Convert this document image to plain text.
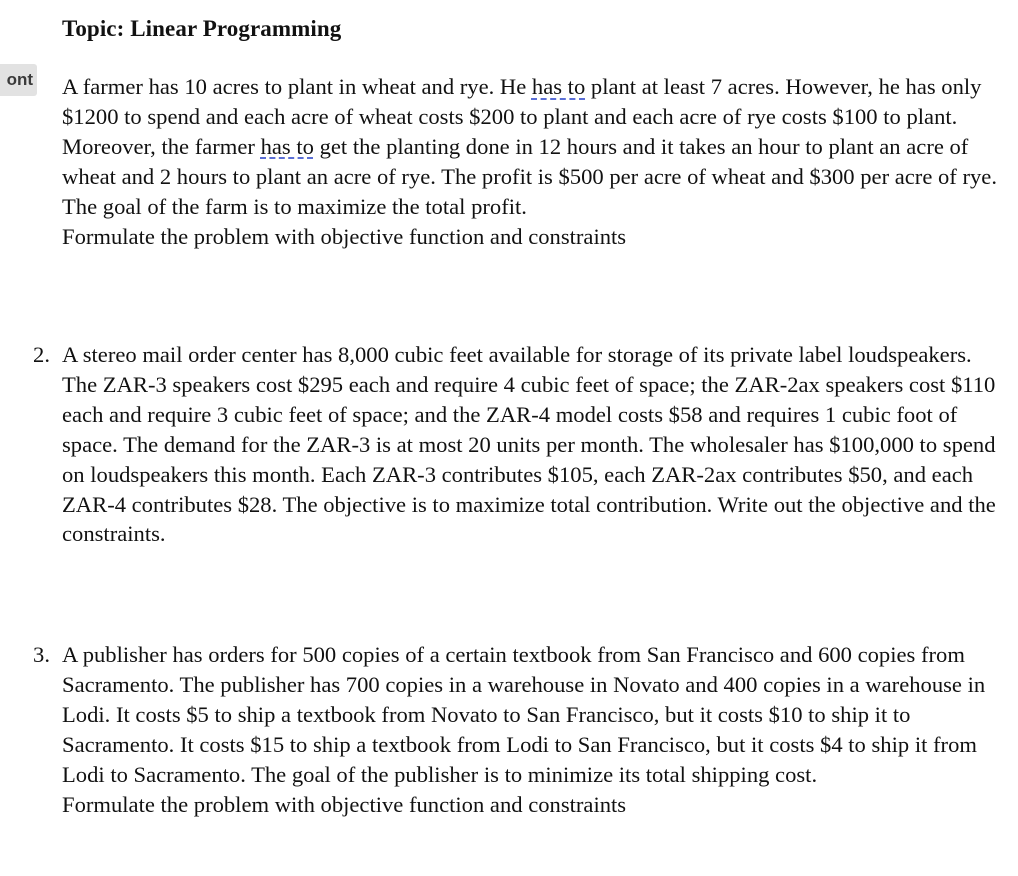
Topic: Linear Programming
ont A farmer has 10 acres to plant in wheat and rye. He has to plant at least 7 acres. However, he has only $1200 to spend and each acre of wheat costs $200 to plant and each acre of rye costs $100 to plant. Moreover, the farmer has to get the planting done in 12 hours and it takes an hour to plant an acre of wheat and 2 hours to plant an acre of rye. The profit is $500 per acre of wheat and $300 per acre of rye. The goal of the farm is to maximize the total profit.

Formulate the problem with objective function and constraints

2. A stereo mail order center has 8,000 cubic feet available for storage of its private label loudspeakers. The ZAR-3 speakers cost $295 each and require 4 cubic feet of space; the ZAR-2ax speakers cost $110 each and require 3 cubic feet of space; and the ZAR-4 model costs $58 and requires 1 cubic foot of space. The demand for the ZAR-3 is at most 20 units per month. The wholesaler has $100,000 to spend on loudspeakers this month. Each ZAR-3 contributes $105, each ZAR-2ax contributes $50, and each ZAR-4 contributes $28. The objective is to maximize total contribution. Write out the objective and the constraints.

3. A publisher has orders for 500 copies of a certain textbook from San Francisco and 600 copies from Sacramento. The publisher has 700 copies in a warehouse in Novato and 400 copies in a warehouse in Lodi. It costs $5 to ship a textbook from Novato to San Francisco, but it costs $10 to ship it to Sacramento. It costs $15 to ship a textbook from Lodi to San Francisco, but it costs $4 to ship it from Lodi to Sacramento. The goal of the publisher is to minimize its total shipping cost.

Formulate the problem with objective function and constraints
